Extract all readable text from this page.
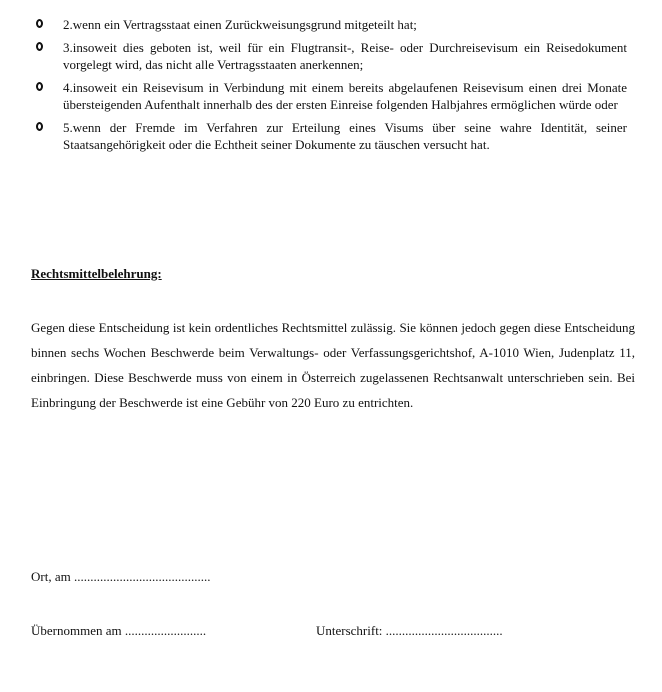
2.wenn ein Vertragsstaat einen Zurückweisungsgrund mitgeteilt hat;
3.insoweit dies geboten ist, weil für ein Flugtransit-, Reise- oder Durchreisevisum ein Reisedokument vorgelegt wird, das nicht alle Vertragsstaaten anerkennen;
4.insoweit ein Reisevisum in Verbindung mit einem bereits abgelaufenen Reisevisum einen drei Monate übersteigenden Aufenthalt innerhalb des der ersten Einreise folgenden Halbjahres ermöglichen würde oder
5.wenn der Fremde im Verfahren zur Erteilung eines Visums über seine wahre Identität, seiner Staatsangehörigkeit oder die Echtheit seiner Dokumente zu täuschen versucht hat.
Rechtsmittelbelehrung:

Gegen diese Entscheidung ist kein ordentliches Rechtsmittel zulässig. Sie können jedoch gegen diese Entscheidung binnen sechs Wochen Beschwerde beim Verwaltungs- oder Verfassungsgerichtshof, A-1010 Wien, Judenplatz 11, einbringen. Diese Beschwerde muss von einem in Österreich zugelassenen Rechtsanwalt unterschrieben sein. Bei Einbringung der Beschwerde ist eine Gebühr von 220 Euro zu entrichten.

Ort, am ..........................................

Übernommen am .........................	Unterschrift: ....................................
